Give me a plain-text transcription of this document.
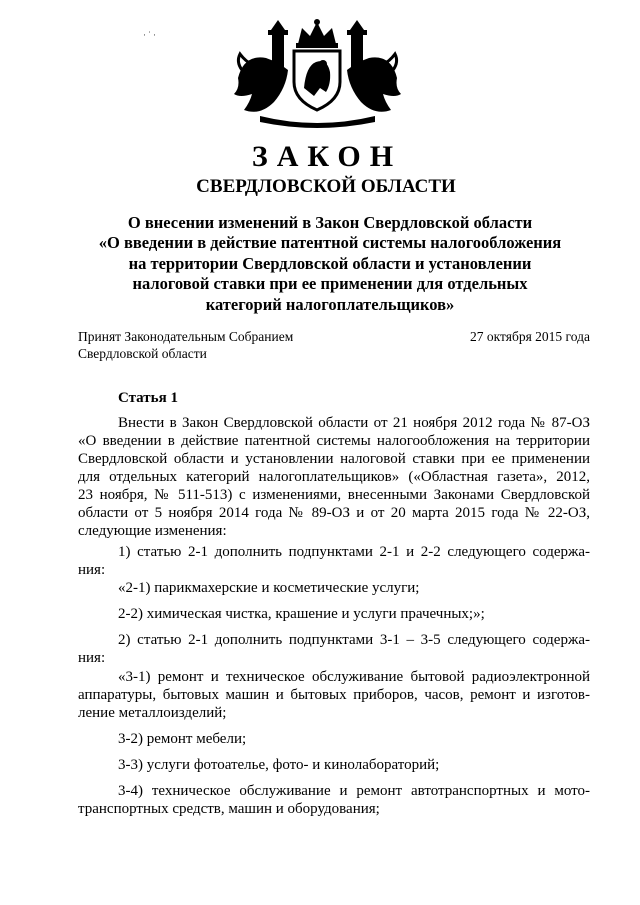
·˙·
ЗАКОН
СВЕРДЛОВСКОЙ ОБЛАСТИ
О внесении изменений в Закон Свердловской области
«О введении в действие патентной системы налогообложения
на территории Свердловской области и установлении
налоговой ставки при ее применении для отдельных
категорий налогоплательщиков»
Принят Законодательным Собранием
Свердловской области
27 октября 2015 года
Статья 1
Внести в Закон Свердловской области от 21 ноября 2012 года № 87-ОЗ
«О введении в действие патентной системы налогообложения на территории
Свердловской области и установлении налоговой ставки при ее применении
для отдельных категорий налогоплательщиков» («Областная газета», 2012,
23 ноября, № 511-513) с изменениями, внесенными Законами Свердловской
области от 5 ноября 2014 года № 89-ОЗ и от 20 марта 2015 года № 22-ОЗ,
следующие изменения:
1) статью 2-1 дополнить подпунктами 2-1 и 2-2 следующего содержа-
ния:
«2-1) парикмахерские и косметические услуги;
2-2) химическая чистка, крашение и услуги прачечных;»;
2) статью 2-1 дополнить подпунктами 3-1 – 3-5 следующего содержа-
ния:
«3-1) ремонт и техническое обслуживание бытовой радиоэлектронной
аппаратуры, бытовых машин и бытовых приборов, часов, ремонт и изготов-
ление металлоизделий;
3-2) ремонт мебели;
3-3) услуги фотоателье, фото- и кинолабораторий;
3-4) техническое обслуживание и ремонт автотранспортных и мото-
транспортных средств, машин и оборудования;
